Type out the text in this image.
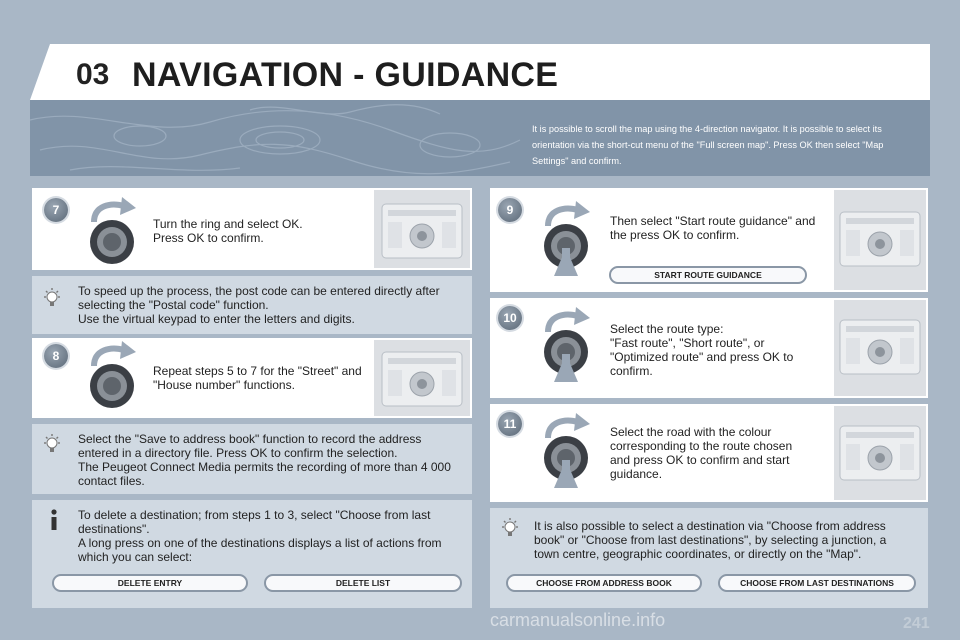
03 NAVIGATION - GUIDANCE
It is possible to scroll the map using the 4-direction navigator. It is possible to select its orientation via the short-cut menu of the "Full screen map". Press OK then select "Map Settings" and confirm.
7
Turn the ring and select OK.
Press OK to confirm.
To speed up the process, the post code can be entered directly after selecting the "Postal code" function.
Use the virtual keypad to enter the letters and digits.
8
Repeat steps 5 to 7 for the "Street" and "House number" functions.
Select the "Save to address book" function to record the address entered in a directory file. Press OK to confirm the selection.
The Peugeot Connect Media permits the recording of more than 4 000 contact files.
To delete a destination; from steps 1 to 3, select "Choose from last destinations".
A long press on one of the destinations displays a list of actions from which you can select:
DELETE ENTRY	DELETE LIST
9
Then select "Start route guidance" and the press OK to confirm.
START ROUTE GUIDANCE
10
Select the route type:
"Fast route", "Short route", or "Optimized route" and press OK to confirm.
11
Select the road with the colour corresponding to the route chosen and press OK to confirm and start guidance.
It is also possible to select a destination via "Choose from address book" or "Choose from last destinations", by selecting a junction, a town centre, geographic coordinates, or directly on the "Map".
CHOOSE FROM ADDRESS BOOK	CHOOSE FROM LAST DESTINATIONS
carmanualsonline.info	241
